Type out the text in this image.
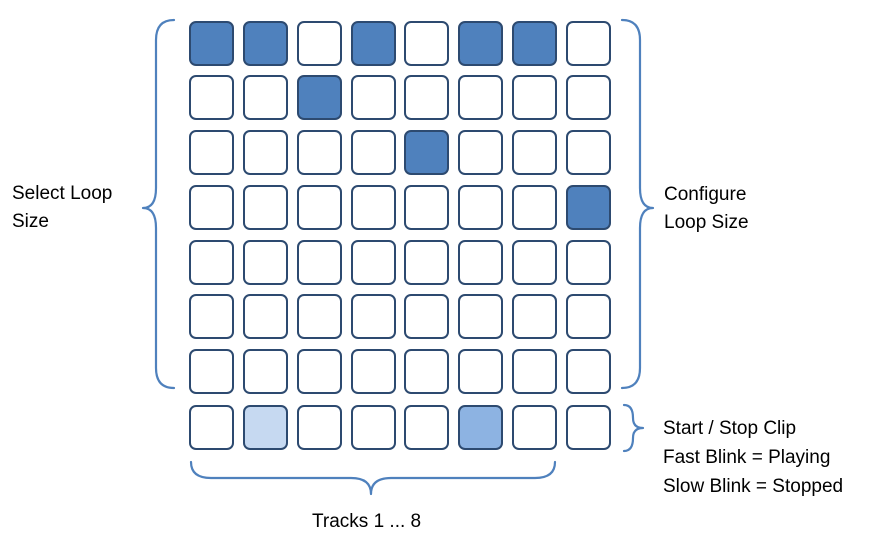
Select Loop
Size
Configure
Loop Size
Start / Stop Clip
Fast Blink = Playing
Slow Blink = Stopped
Tracks 1 ... 8
